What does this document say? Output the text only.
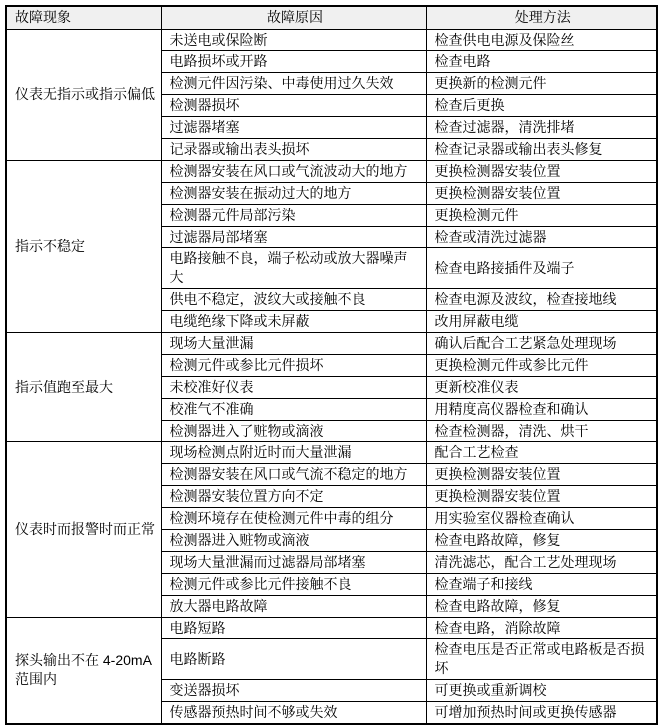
故障现象	故障原因	处理方法
仪表无指示或指示偏低	未送电或保险断	检查供电电源及保险丝
	电路损坏或开路	检查电路
	检测元件因污染、中毒使用过久失效	更换新的检测元件
	检测器损坏	检查后更换
	过滤器堵塞	检查过滤器，清洗排堵
	记录器或输出表头损坏	检查记录器或输出表头修复
指示不稳定	检测器安装在风口或气流波动大的地方	更换检测器安装位置
	检测器安装在振动过大的地方	更换检测器安装位置
	检测器元件局部污染	更换检测元件
	过滤器局部堵塞	检查或清洗过滤器
	电路接触不良，端子松动或放大器噪声大	检查电路接插件及端子
	供电不稳定，波纹大或接触不良	检查电源及波纹，检查接地线
	电缆绝缘下降或未屏蔽	改用屏蔽电缆
指示值跑至最大	现场大量泄漏	确认后配合工艺紧急处理现场
	检测元件或参比元件损坏	更换检测元件或参比元件
	未校准好仪表	更新校准仪表
	校准气不准确	用精度高仪器检查和确认
	检测器进入了赃物或滴液	检查检测器，清洗、烘干
仪表时而报警时而正常	现场检测点附近时而大量泄漏	配合工艺检查
	检测器安装在风口或气流不稳定的地方	更换检测器安装位置
	检测器安装位置方向不定	更换检测器安装位置
	检测环境存在使检测元件中毒的组分	用实验室仪器检查确认
	检测器进入赃物或滴液	检查电路故障，修复
	现场大量泄漏而过滤器局部堵塞	清洗滤芯，配合工艺处理现场
	检测元件或参比元件接触不良	检查端子和接线
	放大器电路故障	检查电路故障，修复
探头输出不在 4-20mA 范围内	电路短路	检查电路，消除故障
	电路断路	检查电压是否正常或电路板是否损坏
	变送器损坏	可更换或重新调校
	传感器预热时间不够或失效	可增加预热时间或更换传感器
